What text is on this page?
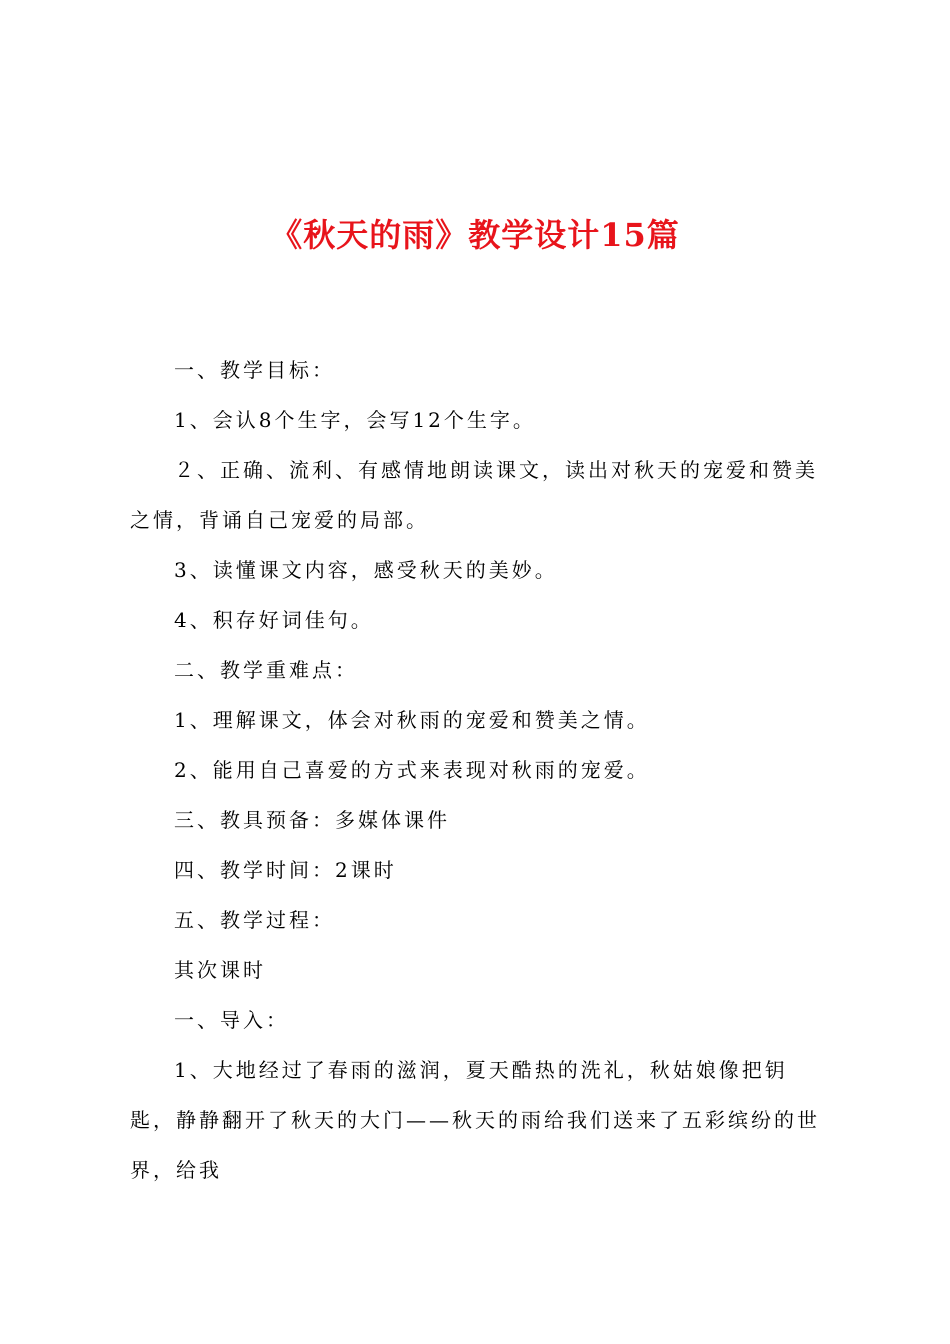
《秋天的雨》教学设计15篇

一、教学目标：

1、会认8个生字，会写12个生字。

２、正确、流利、有感情地朗读课文，读出对秋天的宠爱和赞美之情，背诵自己宠爱的局部。

3、读懂课文内容，感受秋天的美妙。

4、积存好词佳句。

二、教学重难点：

1、理解课文，体会对秋雨的宠爱和赞美之情。

2、能用自己喜爱的方式来表现对秋雨的宠爱。

三、教具预备：多媒体课件

四、教学时间：2课时

五、教学过程：

其次课时

一、导入：

1、大地经过了春雨的滋润，夏天酷热的洗礼，秋姑娘像把钥匙，静静翻开了秋天的大门——秋天的雨给我们送来了五彩缤纷的世界，给我
